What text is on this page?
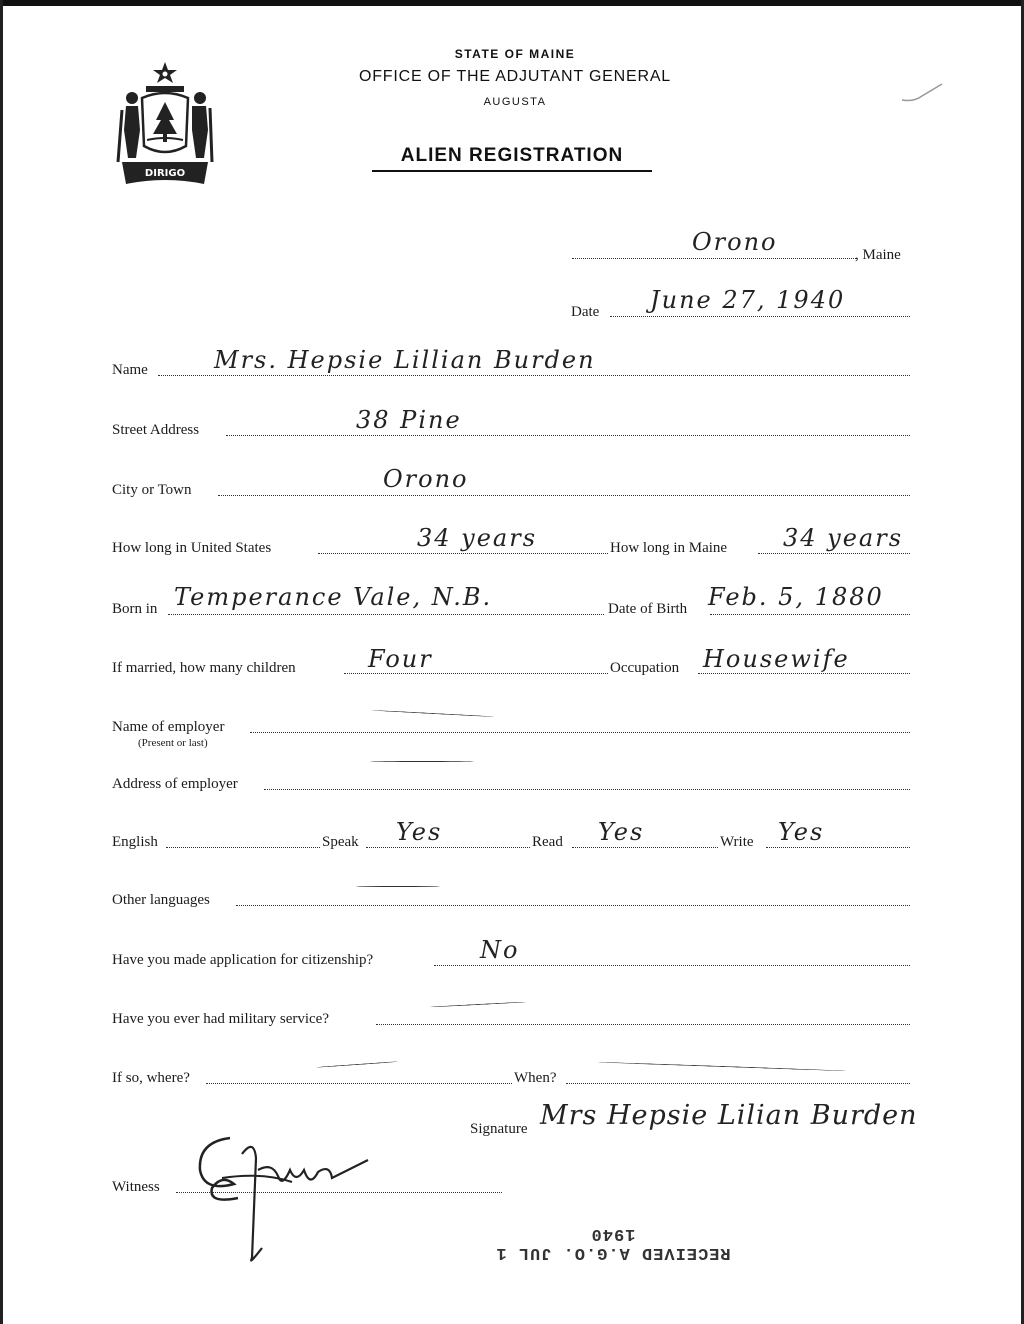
DIRIGO
STATE OF MAINE
OFFICE OF THE ADJUTANT GENERAL
AUGUSTA
ALIEN REGISTRATION
Orono	, Maine
Date June 27, 1940
Name	Mrs. Hepsie Lillian Burden
Street Address	38 Pine
City or Town	Orono
How long in United States	34 years	How long in Maine 34 years
Born in Temperance Vale, N.B.	Date of Birth Feb. 5, 1880
If married, how many children	Four	Occupation Housewife
Name of employer
(Present or last)
Address of employer
English	Speak Yes	Read Yes	Write Yes
Other languages
Have you made application for citizenship?	No
Have you ever had military service?
If so, where?	When?
Signature Mrs Hepsie Lilian Burden
Witness
RECEIVED A.G.O. JUL 1 1940
